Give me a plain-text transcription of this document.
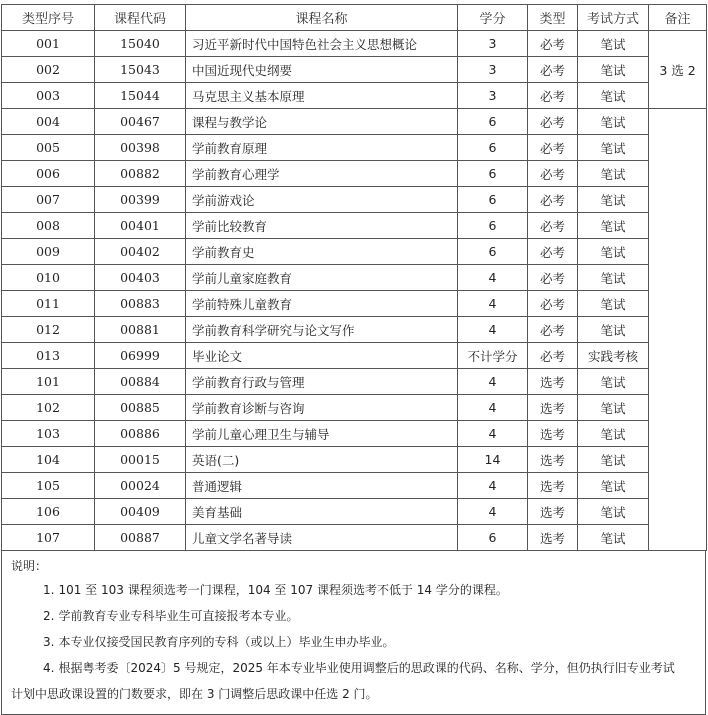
类型序号	课程代码	课程名称	学分	类型	考试方式	备注
001	15040	习近平新时代中国特色社会主义思想概论	3	必考	笔试	3 选 2
002	15043	中国近现代史纲要	3	必考	笔试	
003	15044	马克思主义基本原理	3	必考	笔试	
004	00467	课程与教学论	6	必考	笔试	
005	00398	学前教育原理	6	必考	笔试	
006	00882	学前教育心理学	6	必考	笔试	
007	00399	学前游戏论	6	必考	笔试	
008	00401	学前比较教育	6	必考	笔试	
009	00402	学前教育史	6	必考	笔试	
010	00403	学前儿童家庭教育	4	必考	笔试	
011	00883	学前特殊儿童教育	4	必考	笔试	
012	00881	学前教育科学研究与论文写作	4	必考	笔试	
013	06999	毕业论文	不计学分	必考	实践考核	
101	00884	学前教育行政与管理	4	选考	笔试	
102	00885	学前教育诊断与咨询	4	选考	笔试	
103	00886	学前儿童心理卫生与辅导	4	选考	笔试	
104	00015	英语(二)	14	选考	笔试	
105	00024	普通逻辑	4	选考	笔试	
106	00409	美育基础	4	选考	笔试	
107	00887	儿童文学名著导读	6	选考	笔试	
说明：
1. 101 至 103 课程须选考一门课程，104 至 107 课程须选考不低于 14 学分的课程。
2. 学前教育专业专科毕业生可直接报考本专业。
3. 本专业仅接受国民教育序列的专科（或以上）毕业生申办毕业。
4. 根据粤考委〔2024〕5 号规定，2025 年本专业毕业使用调整后的思政课的代码、名称、学分，但仍执行旧专业考试
计划中思政课设置的门数要求，即在 3 门调整后思政课中任选 2 门。
